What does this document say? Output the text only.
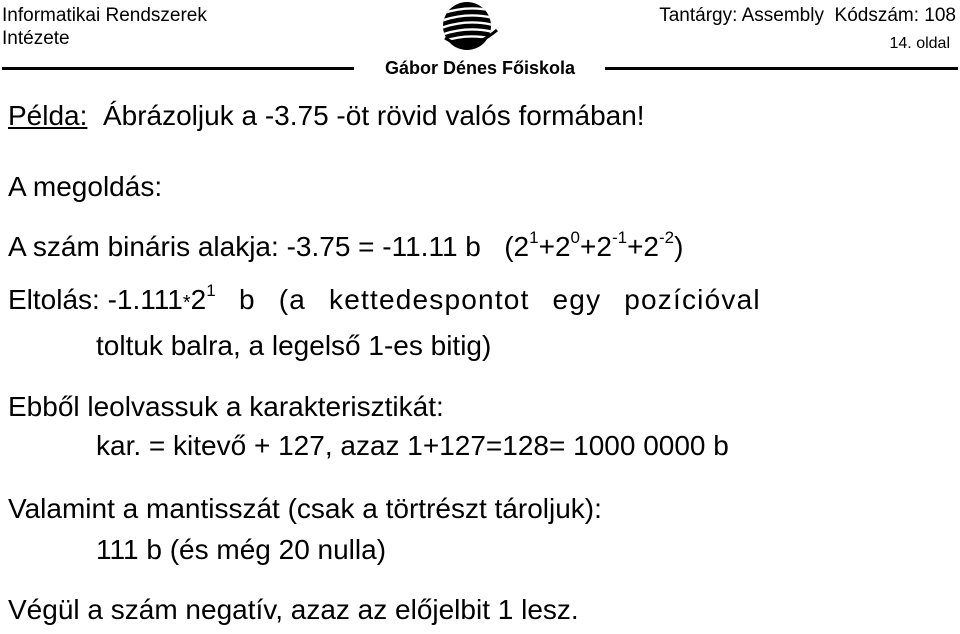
Informatikai Rendszerek
Intézete
Tantárgy: Assembly Kódszám: 108
14. oldal
Gábor Dénes Főiskola
Példa: Ábrázoljuk a -3.75 -öt rövid valós formában!
A megoldás:
A szám bináris alakja: -3.75 = -11.11 b $(2^1+2^0+2^{-1}+2^{-2})$
Eltolás: $-1.111*2^1$ b (a kettedespontot egy pozícióval
toltuk balra, a legelső 1-es bitig)
Ebből leolvassuk a karakterisztikát:
kar. = kitevő + 127, azaz 1+127=128= 1000 0000 b
Valamint a mantisszát (csak a törtrészt tároljuk):
111 b (és még 20 nulla)
Végül a szám negatív, azaz az előjelbit 1 lesz.
